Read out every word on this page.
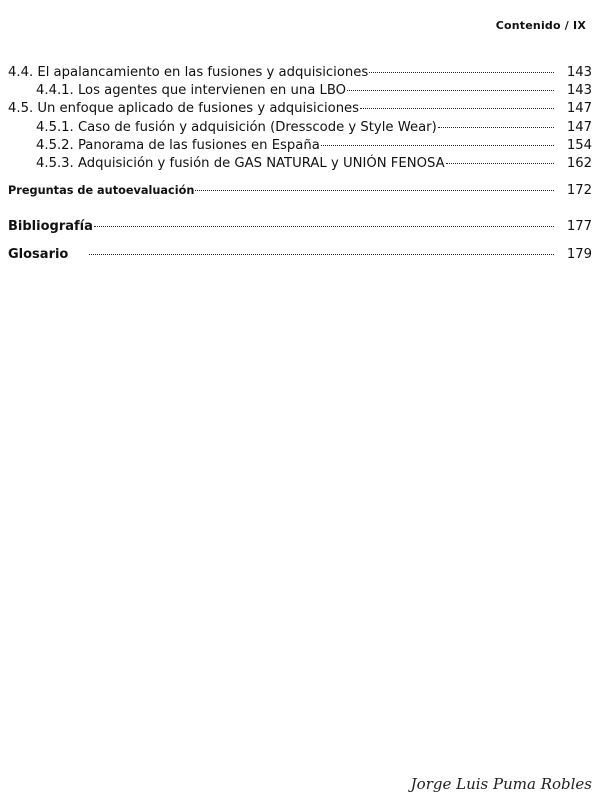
Contenido / IX
4.4. El apalancamiento en las fusiones y adquisiciones	143
4.4.1. Los agentes que intervienen en una LBO	143
4.5. Un enfoque aplicado de fusiones y adquisiciones	147
4.5.1. Caso de fusión y adquisición (Dresscode y Style Wear)	147
4.5.2. Panorama de las fusiones en España	154
4.5.3. Adquisición y fusión de GAS NATURAL y UNIÓN FENOSA	162
Preguntas de autoevaluación	172
Bibliografía	177
Glosario	179
Jorge Luis Puma Robles
